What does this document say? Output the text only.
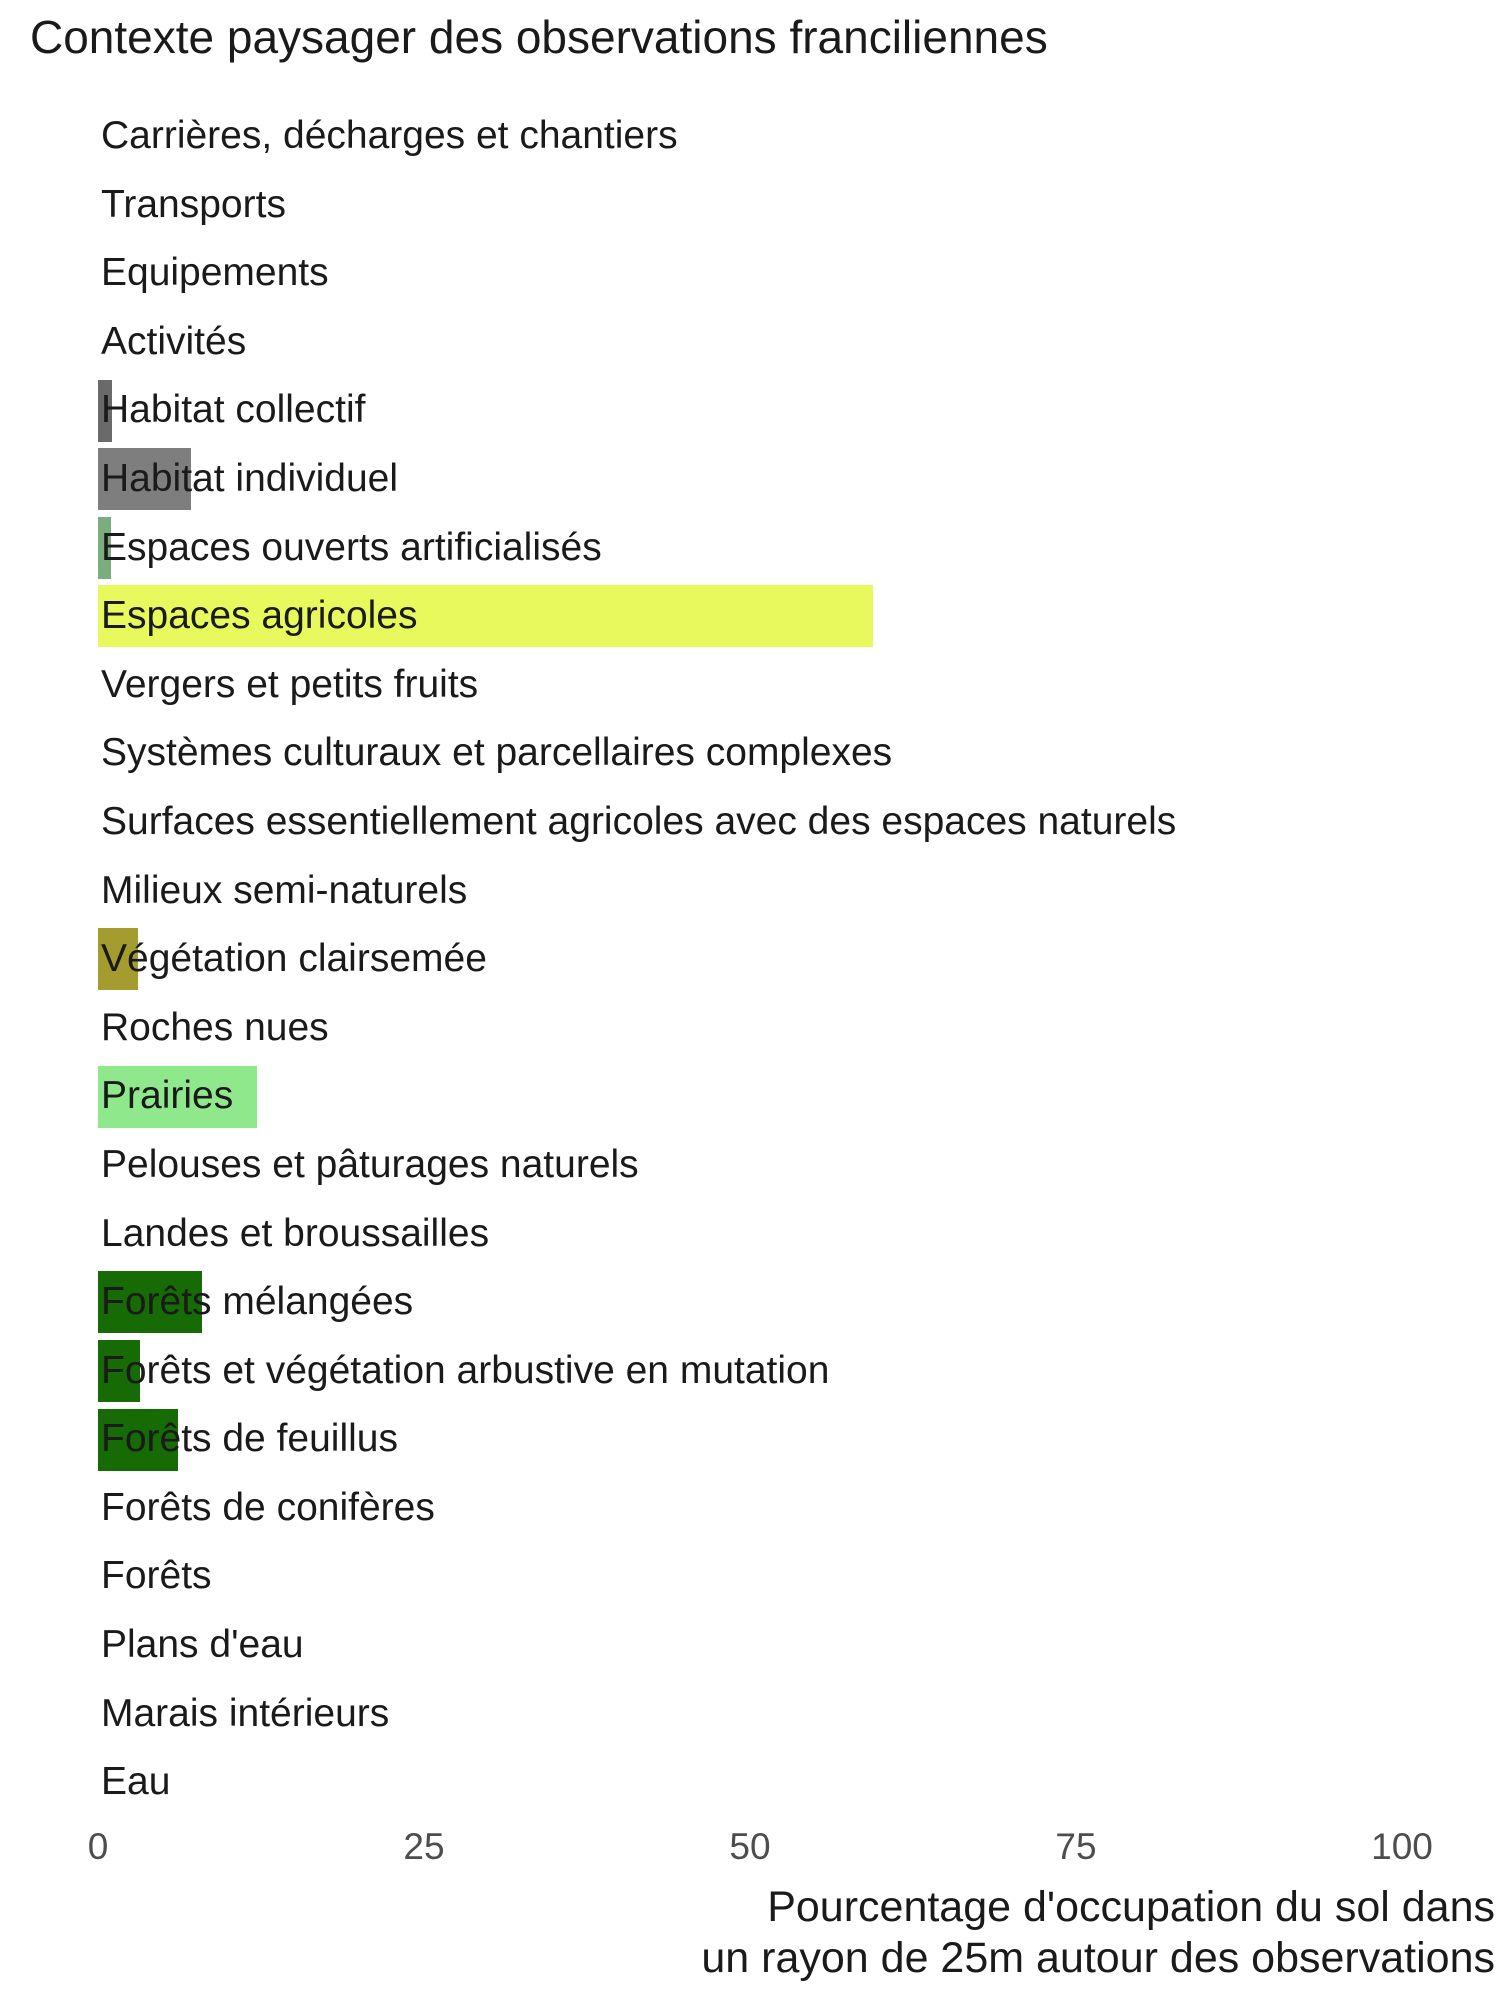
Contexte paysager des observations franciliennes
Carrières, décharges et chantiers
Transports
Equipements
Activités
Habitat collectif
Habitat individuel
Espaces ouverts artificialisés
Espaces agricoles
Vergers et petits fruits
Systèmes culturaux et parcellaires complexes
Surfaces essentiellement agricoles avec des espaces naturels
Milieux semi-naturels
Végétation clairsemée
Roches nues
Prairies
Pelouses et pâturages naturels
Landes et broussailles
Forêts mélangées
Forêts et végétation arbustive en mutation
Forêts de feuillus
Forêts de conifères
Forêts
Plans d'eau
Marais intérieurs
Eau
0	25	50	75	100
Pourcentage d'occupation du sol dans
un rayon de 25m autour des observations
